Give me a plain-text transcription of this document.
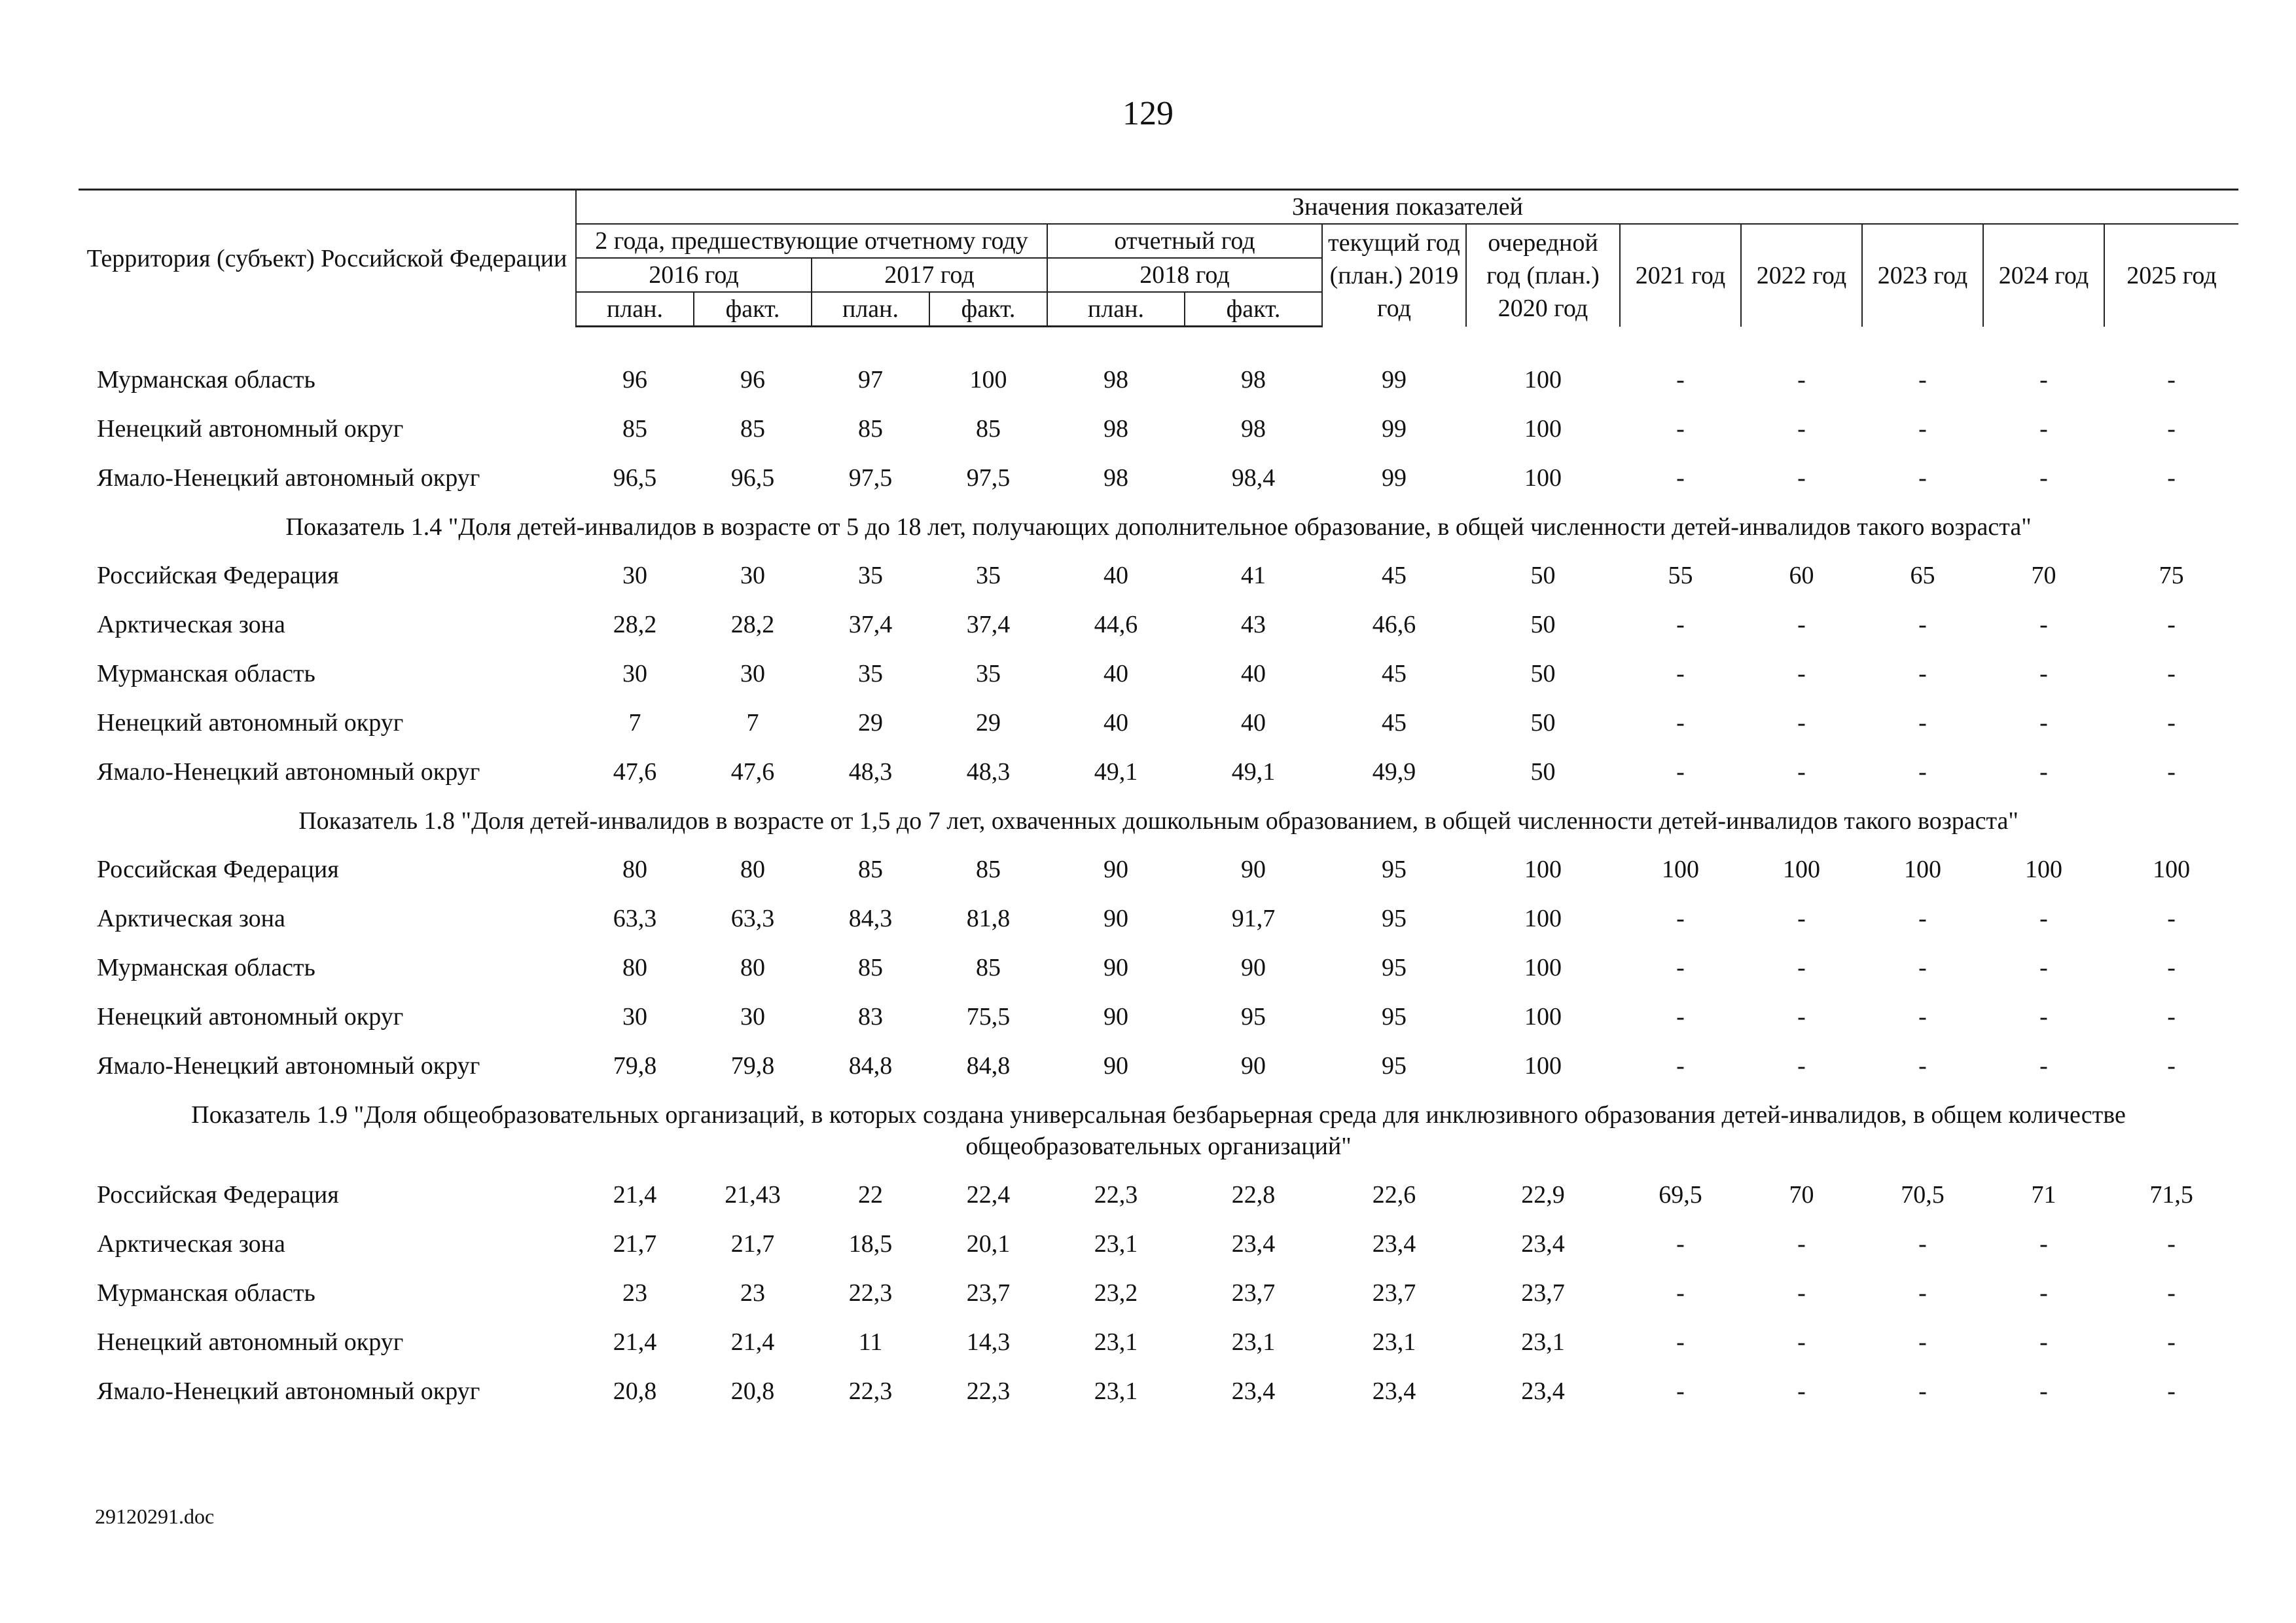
129
Территория (субъект) Российской Федерации	Значения показателей												
	2 года, предшествующие отчетному году				отчетный год		текущий год (план.) 2019 год	очередной год (план.) 2020 год	2021 год	2022 год	2023 год	2024 год	2025 год
	2016 год		2017 год		2018 год								
	план.	факт.	план.	факт.	план.	факт.							

Мурманская область	96	96	97	100	98	98	99	100	-	-	-	-	-
Ненецкий автономный округ	85	85	85	85	98	98	99	100	-	-	-	-	-
Ямало-Ненецкий автономный округ	96,5	96,5	97,5	97,5	98	98,4	99	100	-	-	-	-	-
Показатель 1.4 "Доля детей-инвалидов в возрасте от 5 до 18 лет, получающих дополнительное образование, в общей численности детей-инвалидов такого возраста"													
Российская Федерация	30	30	35	35	40	41	45	50	55	60	65	70	75
Арктическая зона	28,2	28,2	37,4	37,4	44,6	43	46,6	50	-	-	-	-	-
Мурманская область	30	30	35	35	40	40	45	50	-	-	-	-	-
Ненецкий автономный округ	7	7	29	29	40	40	45	50	-	-	-	-	-
Ямало-Ненецкий автономный округ	47,6	47,6	48,3	48,3	49,1	49,1	49,9	50	-	-	-	-	-
Показатель 1.8 "Доля детей-инвалидов в возрасте от 1,5 до 7 лет, охваченных дошкольным образованием, в общей численности детей-инвалидов такого возраста"													
Российская Федерация	80	80	85	85	90	90	95	100	100	100	100	100	100
Арктическая зона	63,3	63,3	84,3	81,8	90	91,7	95	100	-	-	-	-	-
Мурманская область	80	80	85	85	90	90	95	100	-	-	-	-	-
Ненецкий автономный округ	30	30	83	75,5	90	95	95	100	-	-	-	-	-
Ямало-Ненецкий автономный округ	79,8	79,8	84,8	84,8	90	90	95	100	-	-	-	-	-
Показатель 1.9 "Доля общеобразовательных организаций, в которых создана универсальная безбарьерная среда для инклюзивного образования детей-инвалидов, в общем количестве общеобразовательных организаций"													
Российская Федерация	21,4	21,43	22	22,4	22,3	22,8	22,6	22,9	69,5	70	70,5	71	71,5
Арктическая зона	21,7	21,7	18,5	20,1	23,1	23,4	23,4	23,4	-	-	-	-	-
Мурманская область	23	23	22,3	23,7	23,2	23,7	23,7	23,7	-	-	-	-	-
Ненецкий автономный округ	21,4	21,4	11	14,3	23,1	23,1	23,1	23,1	-	-	-	-	-
Ямало-Ненецкий автономный округ	20,8	20,8	22,3	22,3	23,1	23,4	23,4	23,4	-	-	-	-	-
29120291.doc
